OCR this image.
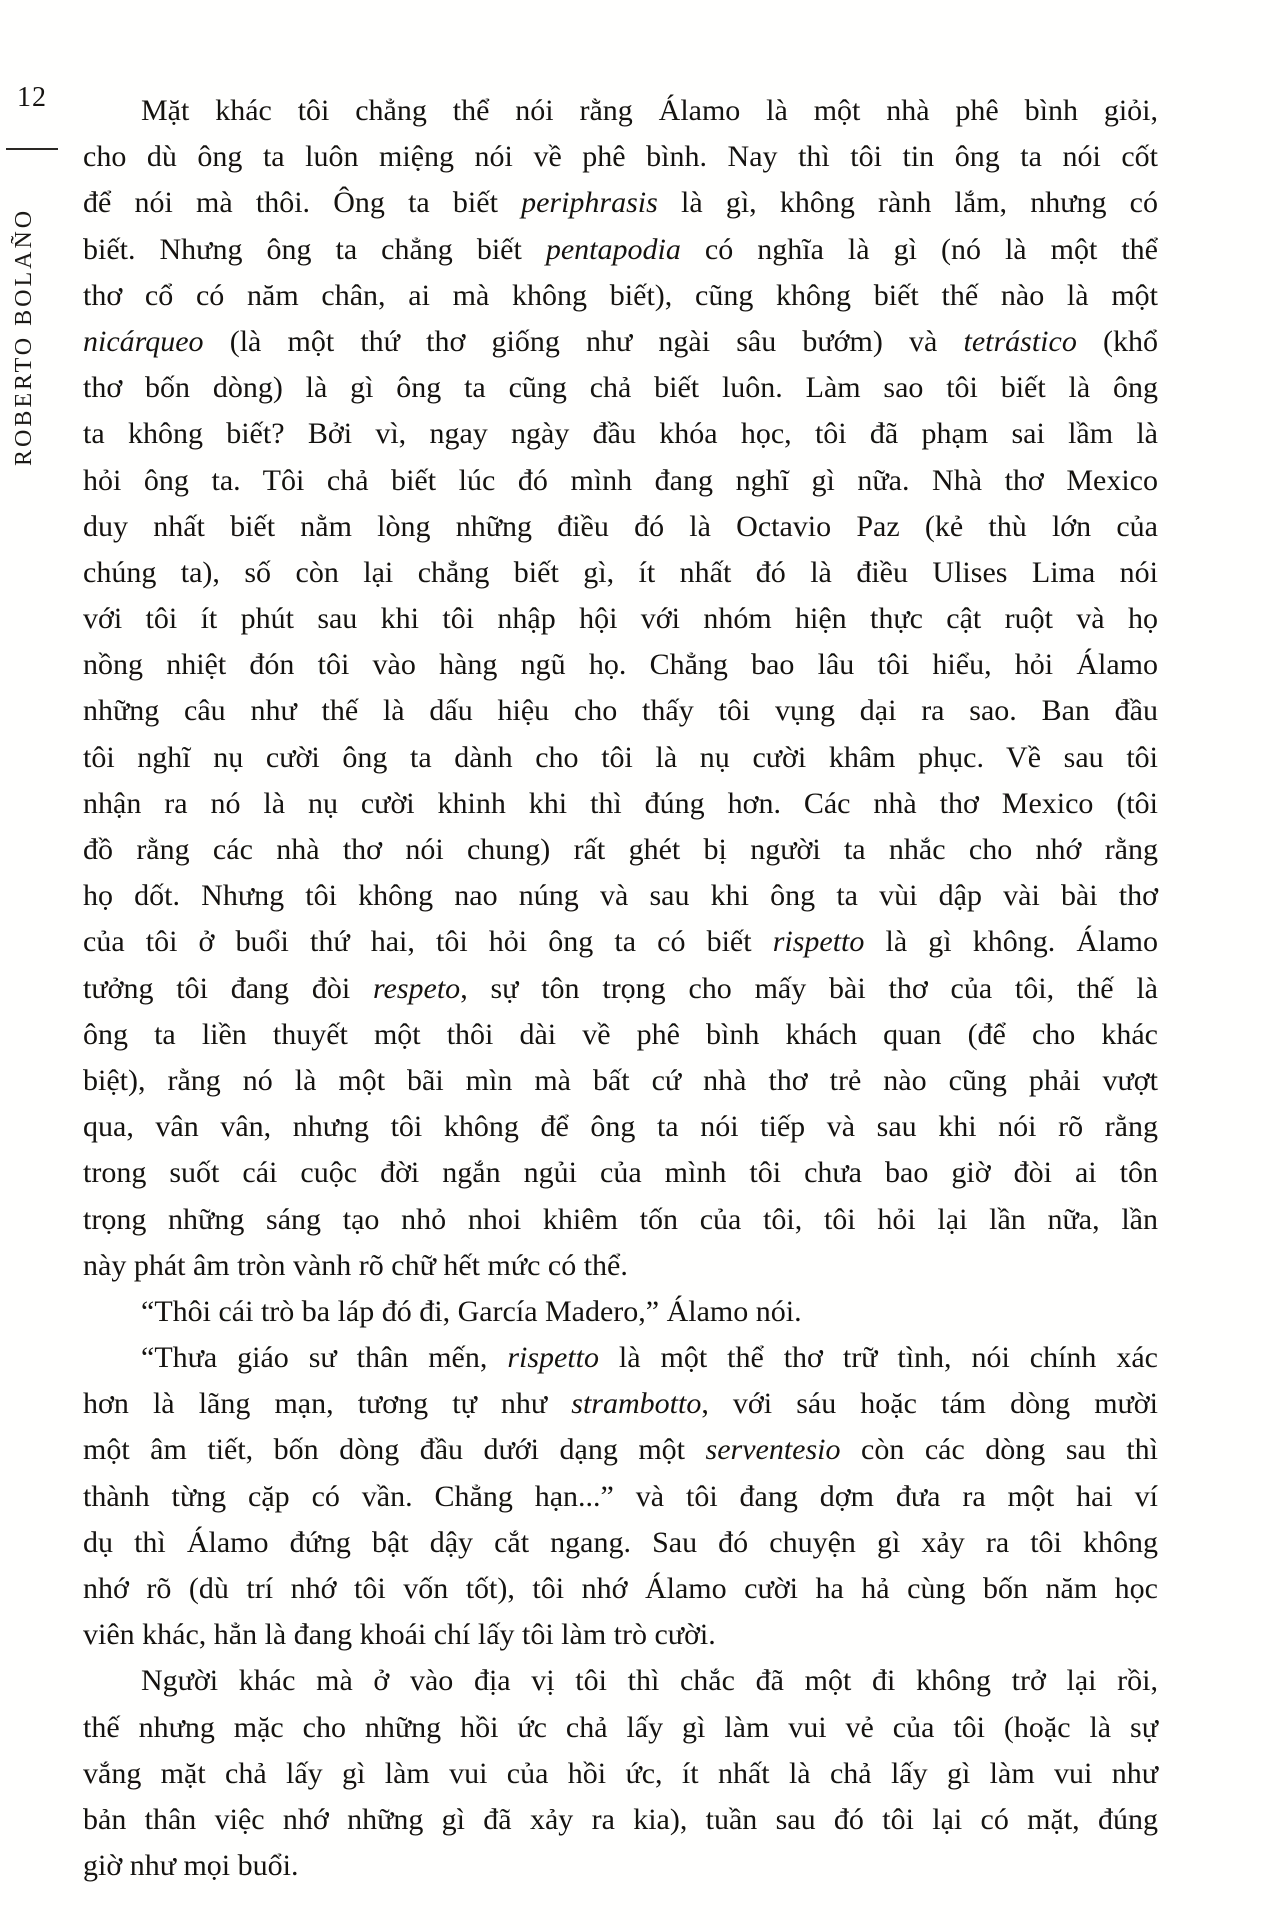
12
ROBERTO BOLAÑO
Mặt khác tôi chẳng thể nói rằng Álamo là một nhà phê bình giỏi,
cho dù ông ta luôn miệng nói về phê bình. Nay thì tôi tin ông ta nói cốt
để nói mà thôi. Ông ta biết periphrasis là gì, không rành lắm, nhưng có
biết. Nhưng ông ta chẳng biết pentapodia có nghĩa là gì (nó là một thể
thơ cổ có năm chân, ai mà không biết), cũng không biết thế nào là một
nicárqueo (là một thứ thơ giống như ngài sâu bướm) và tetrástico (khổ
thơ bốn dòng) là gì ông ta cũng chả biết luôn. Làm sao tôi biết là ông
ta không biết? Bởi vì, ngay ngày đầu khóa học, tôi đã phạm sai lầm là
hỏi ông ta. Tôi chả biết lúc đó mình đang nghĩ gì nữa. Nhà thơ Mexico
duy nhất biết nằm lòng những điều đó là Octavio Paz (kẻ thù lớn của
chúng ta), số còn lại chẳng biết gì, ít nhất đó là điều Ulises Lima nói
với tôi ít phút sau khi tôi nhập hội với nhóm hiện thực cật ruột và họ
nồng nhiệt đón tôi vào hàng ngũ họ. Chẳng bao lâu tôi hiểu, hỏi Álamo
những câu như thế là dấu hiệu cho thấy tôi vụng dại ra sao. Ban đầu
tôi nghĩ nụ cười ông ta dành cho tôi là nụ cười khâm phục. Về sau tôi
nhận ra nó là nụ cười khinh khi thì đúng hơn. Các nhà thơ Mexico (tôi
đồ rằng các nhà thơ nói chung) rất ghét bị người ta nhắc cho nhớ rằng
họ dốt. Nhưng tôi không nao núng và sau khi ông ta vùi dập vài bài thơ
của tôi ở buổi thứ hai, tôi hỏi ông ta có biết rispetto là gì không. Álamo
tưởng tôi đang đòi respeto, sự tôn trọng cho mấy bài thơ của tôi, thế là
ông ta liền thuyết một thôi dài về phê bình khách quan (để cho khác
biệt), rằng nó là một bãi mìn mà bất cứ nhà thơ trẻ nào cũng phải vượt
qua, vân vân, nhưng tôi không để ông ta nói tiếp và sau khi nói rõ rằng
trong suốt cái cuộc đời ngắn ngủi của mình tôi chưa bao giờ đòi ai tôn
trọng những sáng tạo nhỏ nhoi khiêm tốn của tôi, tôi hỏi lại lần nữa, lần
này phát âm tròn vành rõ chữ hết mức có thể.
“Thôi cái trò ba láp đó đi, García Madero,” Álamo nói.
“Thưa giáo sư thân mến, rispetto là một thể thơ trữ tình, nói chính xác
hơn là lãng mạn, tương tự như strambotto, với sáu hoặc tám dòng mười
một âm tiết, bốn dòng đầu dưới dạng một serventesio còn các dòng sau thì
thành từng cặp có vần. Chẳng hạn...” và tôi đang dợm đưa ra một hai ví
dụ thì Álamo đứng bật dậy cắt ngang. Sau đó chuyện gì xảy ra tôi không
nhớ rõ (dù trí nhớ tôi vốn tốt), tôi nhớ Álamo cười ha hả cùng bốn năm học
viên khác, hẳn là đang khoái chí lấy tôi làm trò cười.
Người khác mà ở vào địa vị tôi thì chắc đã một đi không trở lại rồi,
thế nhưng mặc cho những hồi ức chả lấy gì làm vui vẻ của tôi (hoặc là sự
vắng mặt chả lấy gì làm vui của hồi ức, ít nhất là chả lấy gì làm vui như
bản thân việc nhớ những gì đã xảy ra kia), tuần sau đó tôi lại có mặt, đúng
giờ như mọi buổi.
